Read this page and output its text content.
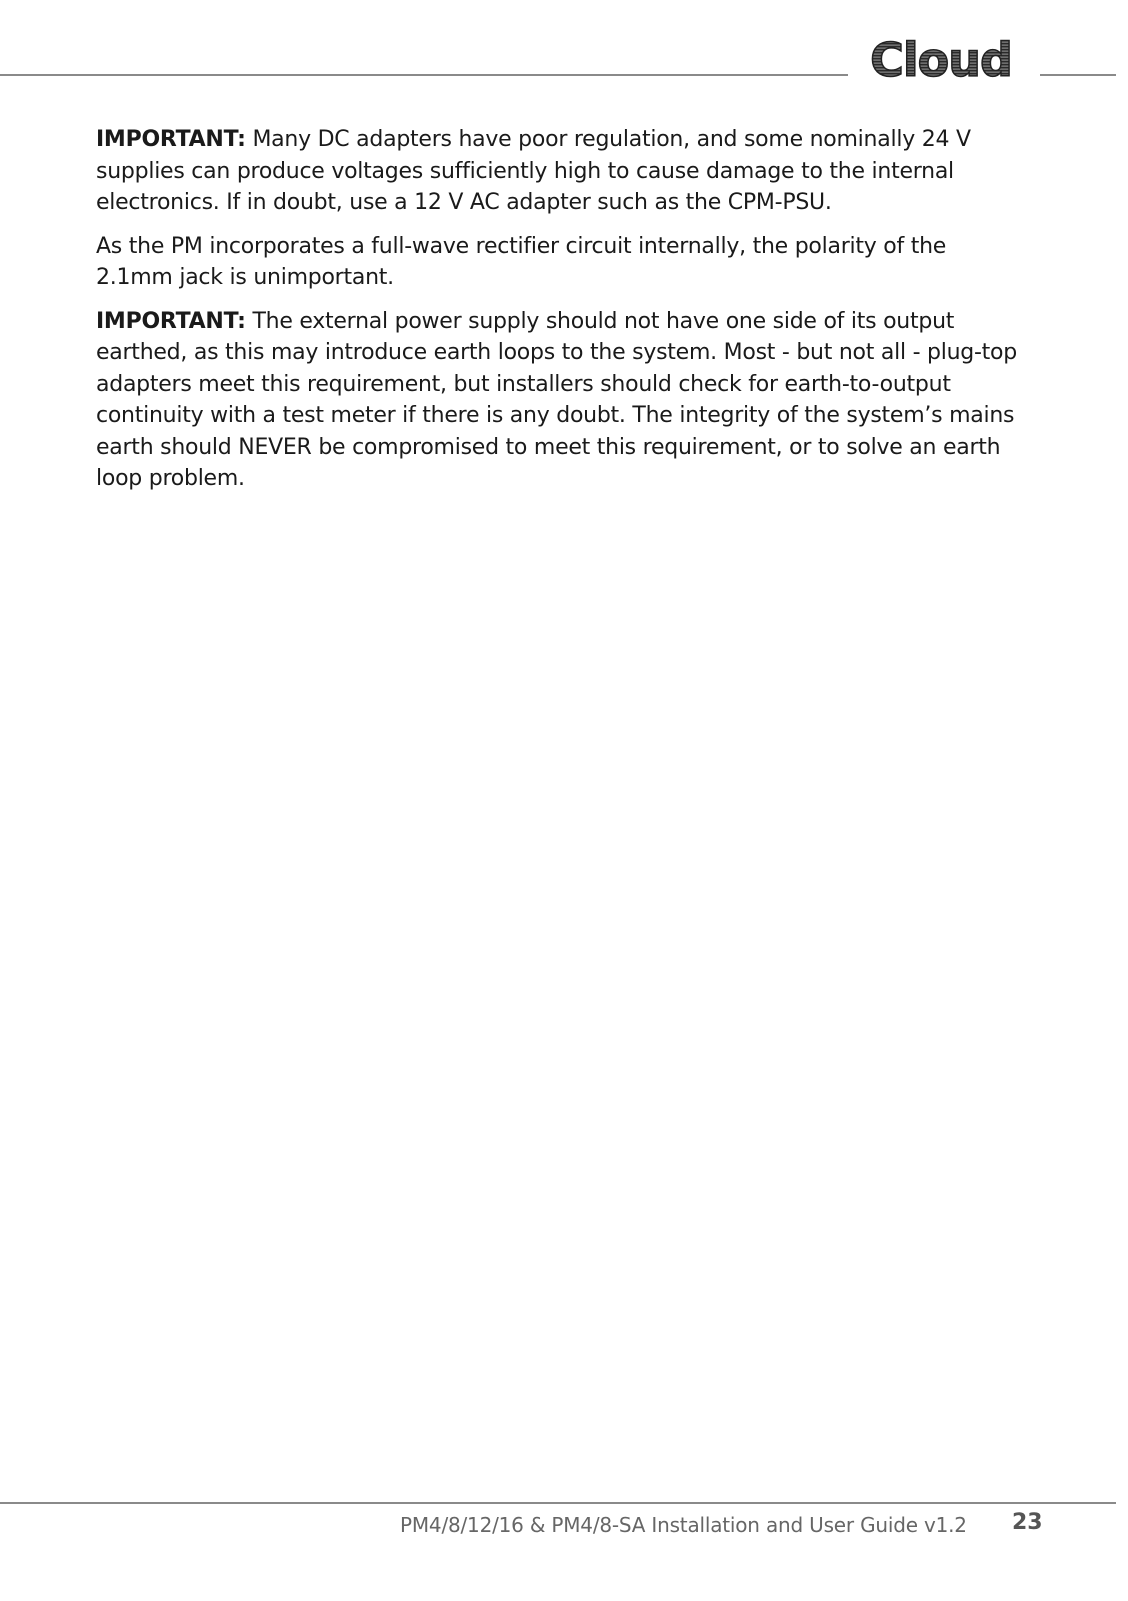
Cloud

IMPORTANT: Many DC adapters have poor regulation, and some nominally 24 V supplies can produce voltages sufficiently high to cause damage to the internal electronics. If in doubt, use a 12 V AC adapter such as the CPM-PSU.

As the PM incorporates a full-wave rectifier circuit internally, the polarity of the 2.1mm jack is unimportant.

IMPORTANT: The external power supply should not have one side of its output earthed, as this may introduce earth loops to the system. Most - but not all - plug-top adapters meet this requirement, but installers should check for earth-to-output continuity with a test meter if there is any doubt. The integrity of the system’s mains earth should NEVER be compromised to meet this requirement, or to solve an earth loop problem.

PM4/8/12/16 & PM4/8-SA Installation and User Guide v1.2 23
